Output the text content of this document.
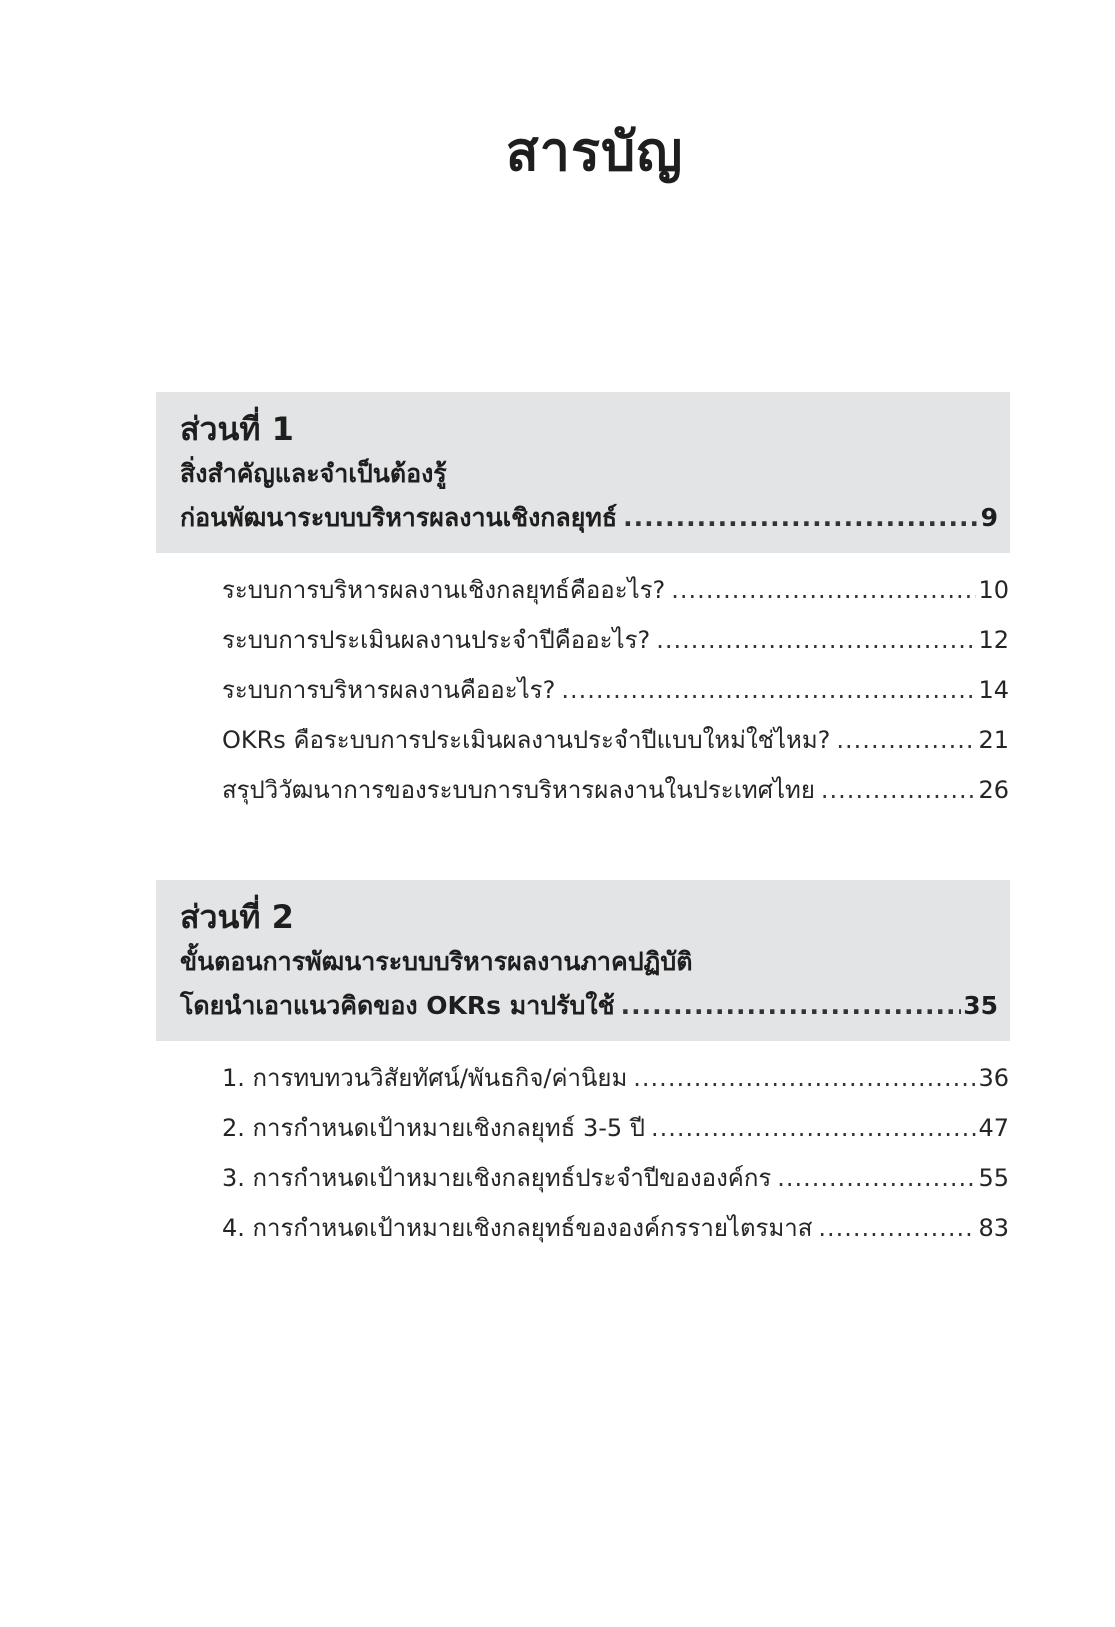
สารบัญ
ส่วนที่ 1
สิ่งสำคัญและจำเป็นต้องรู้
ก่อนพัฒนาระบบบริหารผลงานเชิงกลยุทธ์ .....	9
ระบบการบริหารผลงานเชิงกลยุทธ์คืออะไร? .....	10
ระบบการประเมินผลงานประจำปีคืออะไร? .....	12
ระบบการบริหารผลงานคืออะไร? .....	14
OKRs คือระบบการประเมินผลงานประจำปีแบบใหม่ใช่ไหม? .....	21
สรุปวิวัฒนาการของระบบการบริหารผลงานในประเทศไทย .....	26
ส่วนที่ 2
ขั้นตอนการพัฒนาระบบบริหารผลงานภาคปฏิบัติ
โดยนำเอาแนวคิดของ OKRs มาปรับใช้ .....	35
1. การทบทวนวิสัยทัศน์/พันธกิจ/ค่านิยม .....	36
2. การกำหนดเป้าหมายเชิงกลยุทธ์ 3-5 ปี .....	47
3. การกำหนดเป้าหมายเชิงกลยุทธ์ประจำปีขององค์กร .....	55
4. การกำหนดเป้าหมายเชิงกลยุทธ์ขององค์กรรายไตรมาส .....	83
